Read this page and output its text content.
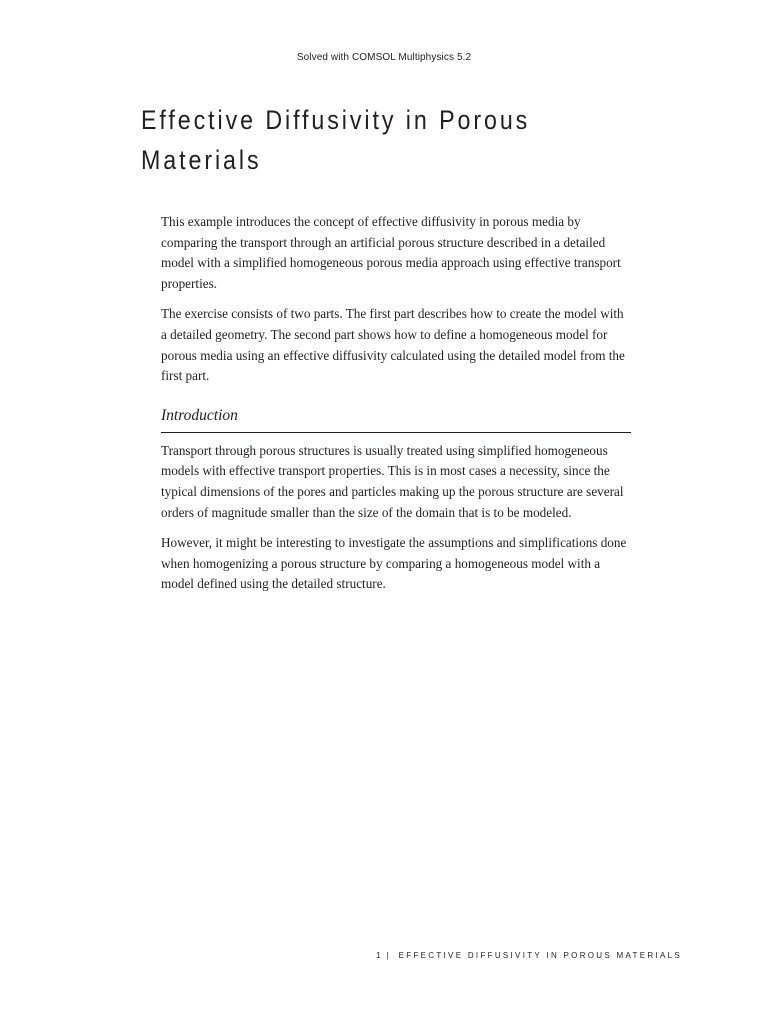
Solved with COMSOL Multiphysics 5.2
Effective Diffusivity in Porous Materials

This example introduces the concept of effective diffusivity in porous media by comparing the transport through an artificial porous structure described in a detailed model with a simplified homogeneous porous media approach using effective transport properties.

The exercise consists of two parts. The first part describes how to create the model with a detailed geometry. The second part shows how to define a homogeneous model for porous media using an effective diffusivity calculated using the detailed model from the first part.

Introduction

Transport through porous structures is usually treated using simplified homogeneous models with effective transport properties. This is in most cases a necessity, since the typical dimensions of the pores and particles making up the porous structure are several orders of magnitude smaller than the size of the domain that is to be modeled.

However, it might be interesting to investigate the assumptions and simplifications done when homogenizing a porous structure by comparing a homogeneous model with a model defined using the detailed structure.

1 | EFFECTIVE DIFFUSIVITY IN POROUS MATERIALS
